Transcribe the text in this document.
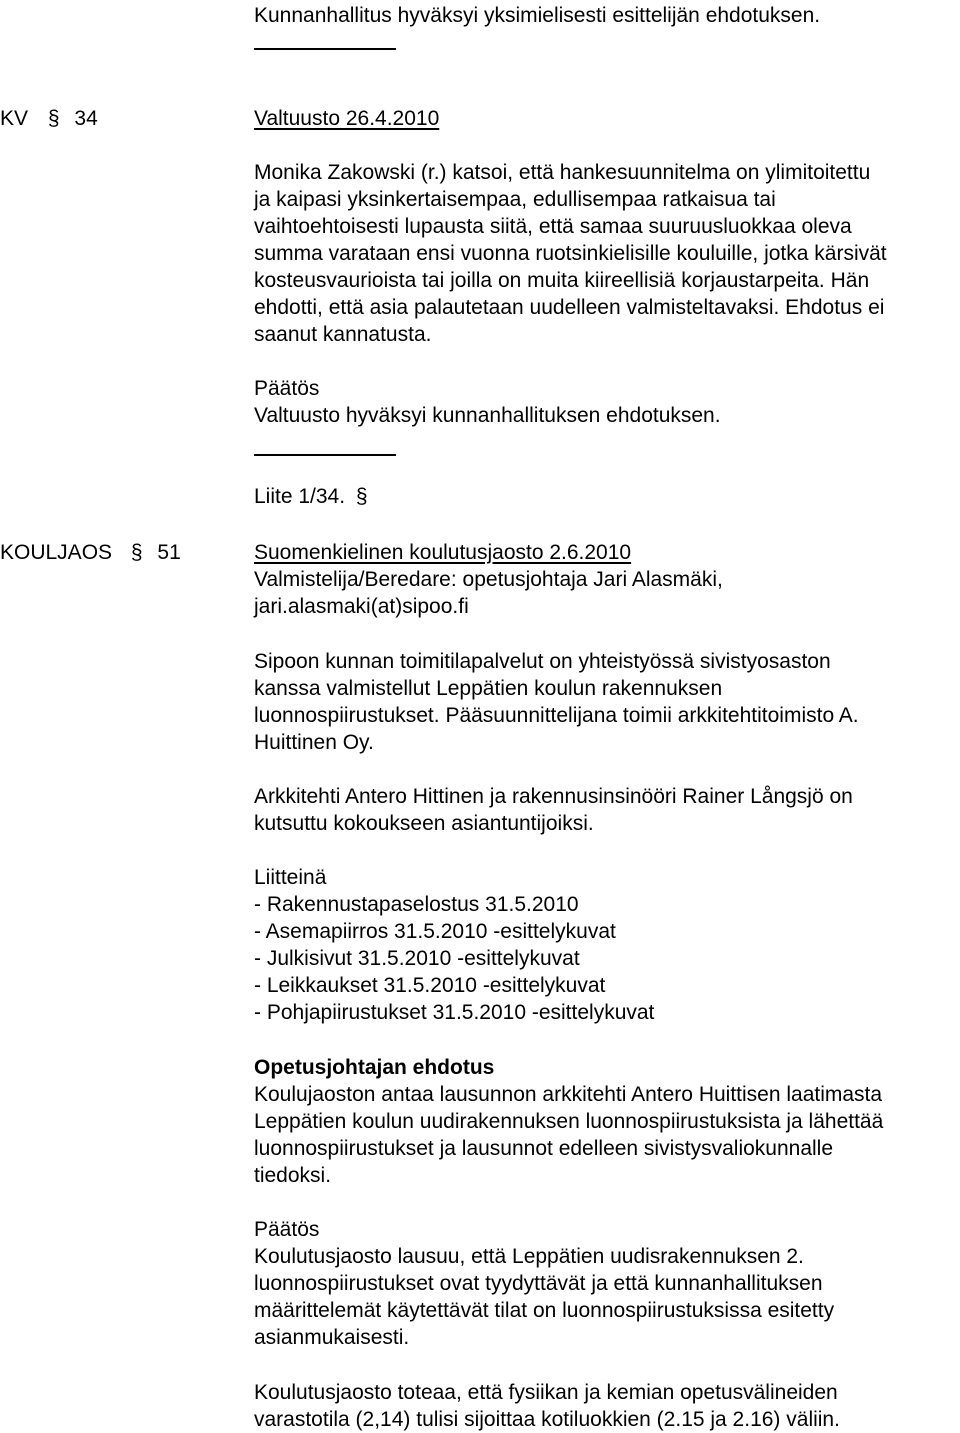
Kunnanhallitus hyväksyi yksimielisesti esittelijän ehdotuksen.
KV § 34	Valtuusto 26.4.2010
Monika Zakowski (r.) katsoi, että hankesuunnitelma on ylimitoitettu
ja kaipasi yksinkertaisempaa, edullisempaa ratkaisua tai
vaihtoehtoisesti lupausta siitä, että samaa suuruusluokkaa oleva
summa varataan ensi vuonna ruotsinkielisille kouluille, jotka kärsivät
kosteusvaurioista tai joilla on muita kiireellisiä korjaustarpeita. Hän
ehdotti, että asia palautetaan uudelleen valmisteltavaksi. Ehdotus ei
saanut kannatusta.
Päätös
Valtuusto hyväksyi kunnanhallituksen ehdotuksen.
Liite 1/34. §
KOULJAOS § 51	Suomenkielinen koulutusjaosto 2.6.2010
Valmistelija/Beredare: opetusjohtaja Jari Alasmäki,
jari.alasmaki(at)sipoo.fi
Sipoon kunnan toimitilapalvelut on yhteistyössä sivistyosaston
kanssa valmistellut Leppätien koulun rakennuksen
luonnospiirustukset. Pääsuunnittelijana toimii arkkitehtitoimisto A.
Huittinen Oy.
Arkkitehti Antero Hittinen ja rakennusinsinööri Rainer Långsjö on
kutsuttu kokoukseen asiantuntijoiksi.
Liitteinä
- Rakennustapaselostus 31.5.2010
- Asemapiirros 31.5.2010 -esittelykuvat
- Julkisivut 31.5.2010 -esittelykuvat
- Leikkaukset 31.5.2010 -esittelykuvat
- Pohjapiirustukset 31.5.2010 -esittelykuvat
Opetusjohtajan ehdotus
Koulujaoston antaa lausunnon arkkitehti Antero Huittisen laatimasta
Leppätien koulun uudirakennuksen luonnospiirustuksista ja lähettää
luonnospiirustukset ja lausunnot edelleen sivistysvaliokunnalle
tiedoksi.
Päätös
Koulutusjaosto lausuu, että Leppätien uudisrakennuksen 2.
luonnospiirustukset ovat tyydyttävät ja että kunnanhallituksen
määrittelemät käytettävät tilat on luonnospiirustuksissa esitetty
asianmukaisesti.
Koulutusjaosto toteaa, että fysiikan ja kemian opetusvälineiden
varastotila (2,14) tulisi sijoittaa kotiluokkien (2.15 ja 2.16) väliin.
